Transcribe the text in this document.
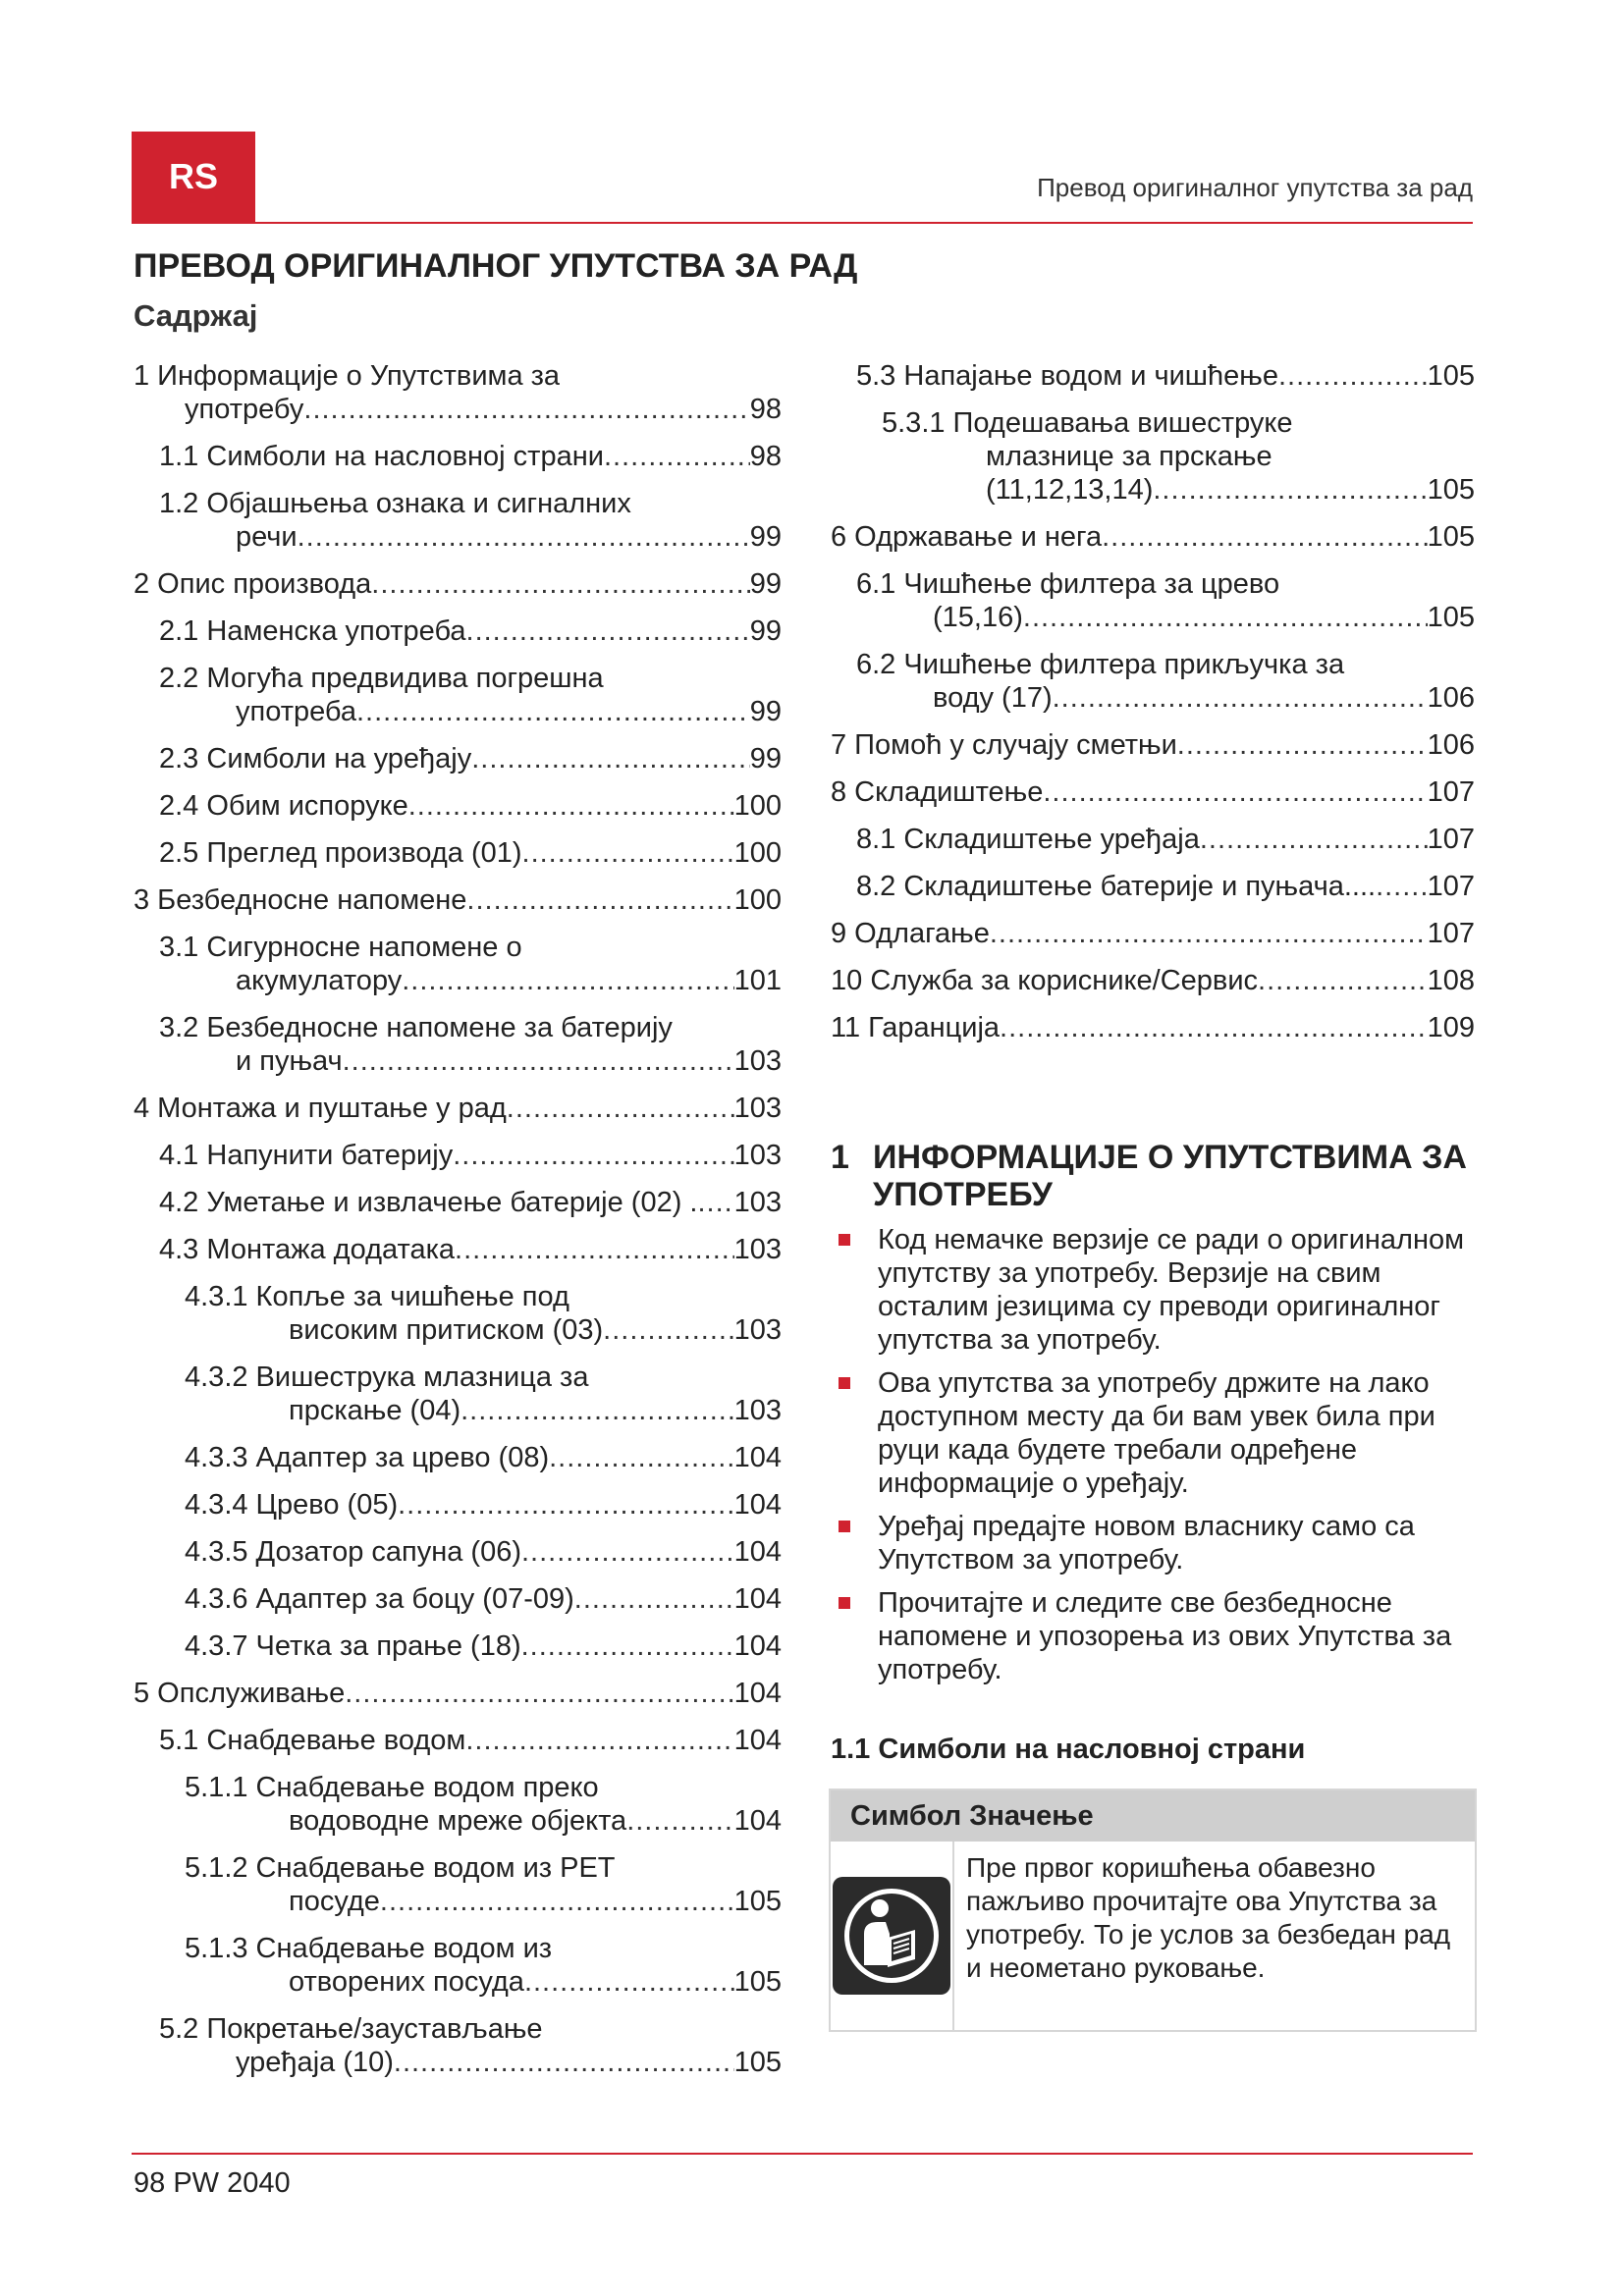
RS	Превод оригиналног упутства за рад
ПРЕВОД ОРИГИНАЛНОГ УПУТСТВА ЗА РАД
Садржај
1 Информације о Упутствима за
употребу .....	98
1.1 Симболи на насловној страни .....	98
1.2 Објашњења ознака и сигналних
речи .....	99
2 Опис производа .....	99
2.1 Наменска употреба .....	99
2.2 Могућа предвидива погрешна
употреба .....	99
2.3 Симболи на уређају .....	99
2.4 Обим испоруке .....	100
2.5 Преглед производа (01) .....	100
3 Безбедносне напомене .....	100
3.1 Сигурносне напомене о
акумулатору .....	101
3.2 Безбедносне напомене за батерију
и пуњач .....	103
4 Монтажа и пуштање у рад .....	103
4.1 Напунити батерију .....	103
4.2 Уметање и извлачење батерије (02) . ..... 103
4.3 Монтажа додатака .....	103
4.3.1 Копље за чишћење под
високим притиском (03) .....	103
4.3.2 Вишеструка млазница за
прскање (04) .....	103
4.3.3 Адаптер за црево (08) .....	104
4.3.4 Црево (05) .....	104
4.3.5 Дозатор сапуна (06) .....	104
4.3.6 Адаптер за боцу (07-09) .....	104
4.3.7 Четка за прање (18) .....	104
5 Опслуживање .....	104
5.1 Снабдевање водом .....	104
5.1.1 Снабдевање водом преко
водоводне мреже објекта .....	104
5.1.2 Снабдевање водом из PET
посуде .....	105
5.1.3 Снабдевање водом из
отворених посуда .....	105
5.2 Покретање/заустављање
уређаја (10) .....	105
5.3 Напајање водом и чишћење .....	105
5.3.1 Подешавања вишеструке
млазнице за прскање
(11,12,13,14) .....	105
6 Одржавање и нега .....	105
6.1 Чишћење филтера за црево
(15,16) .....	105
6.2 Чишћење филтера прикључка за
воду (17) .....	106
7 Помоћ у случају сметњи .....	106
8 Складиштење .....	107
8.1 Складиштење уређаја .....	107
8.2 Складиштење батерије и пуњача.... ..... 107
9 Одлагање .....	107
10 Служба за кориснике/Сервис .....	108
11 Гаранција .....	109
1 ИНФОРМАЦИЈЕ О УПУТСТВИМА ЗА УПОТРЕБУ
Код немачке верзије се ради о оригиналном упутству за употребу. Верзије на свим осталим језицима су преводи оригиналног упутства за употребу.
Ова упутства за употребу држите на лако доступном месту да би вам увек била при руци када будете требали одређене информације о уређају.
Уређај предајте новом власнику само са Упутством за употребу.
Прочитајте и следите све безбедносне напомене и упозорења из ових Упутства за употребу.
1.1 Симболи на насловној страни
Симбол Значење
Пре првог коришћења обавезно пажљиво прочитајте ова Упутства за употребу. То је услов за безбедан рад и неометано руковање.
98 PW 2040
